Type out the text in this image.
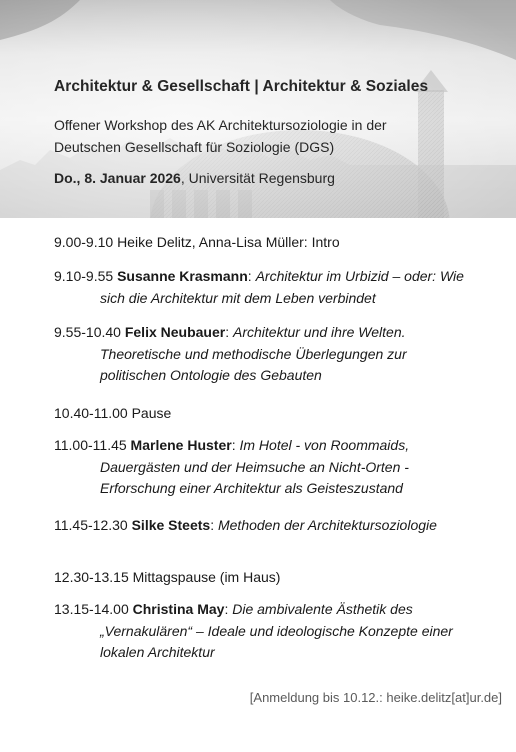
Architektur & Gesellschaft | Architektur & Soziales
Offener Workshop des AK Architektursoziologie in der
Deutschen Gesellschaft für Soziologie (DGS)
Do., 8. Januar 2026, Universität Regensburg
9.00-9.10 Heike Delitz, Anna-Lisa Müller: Intro
9.10-9.55 Susanne Krasmann: Architektur im Urbizid – oder: Wie
sich die Architektur mit dem Leben verbindet
9.55-10.40 Felix Neubauer: Architektur und ihre Welten.
Theoretische und methodische Überlegungen zur
politischen Ontologie des Gebauten
10.40-11.00 Pause
11.00-11.45 Marlene Huster: Im Hotel - von Roommaids,
Dauergästen und der Heimsuche an Nicht-Orten -
Erforschung einer Architektur als Geisteszustand
11.45-12.30 Silke Steets: Methoden der Architektursoziologie
12.30-13.15 Mittagspause (im Haus)
13.15-14.00 Christina May: Die ambivalente Ästhetik des
„Vernakulären“ – Ideale und ideologische Konzepte einer
lokalen Architektur
[Anmeldung bis 10.12.: heike.delitz[at]ur.de]
